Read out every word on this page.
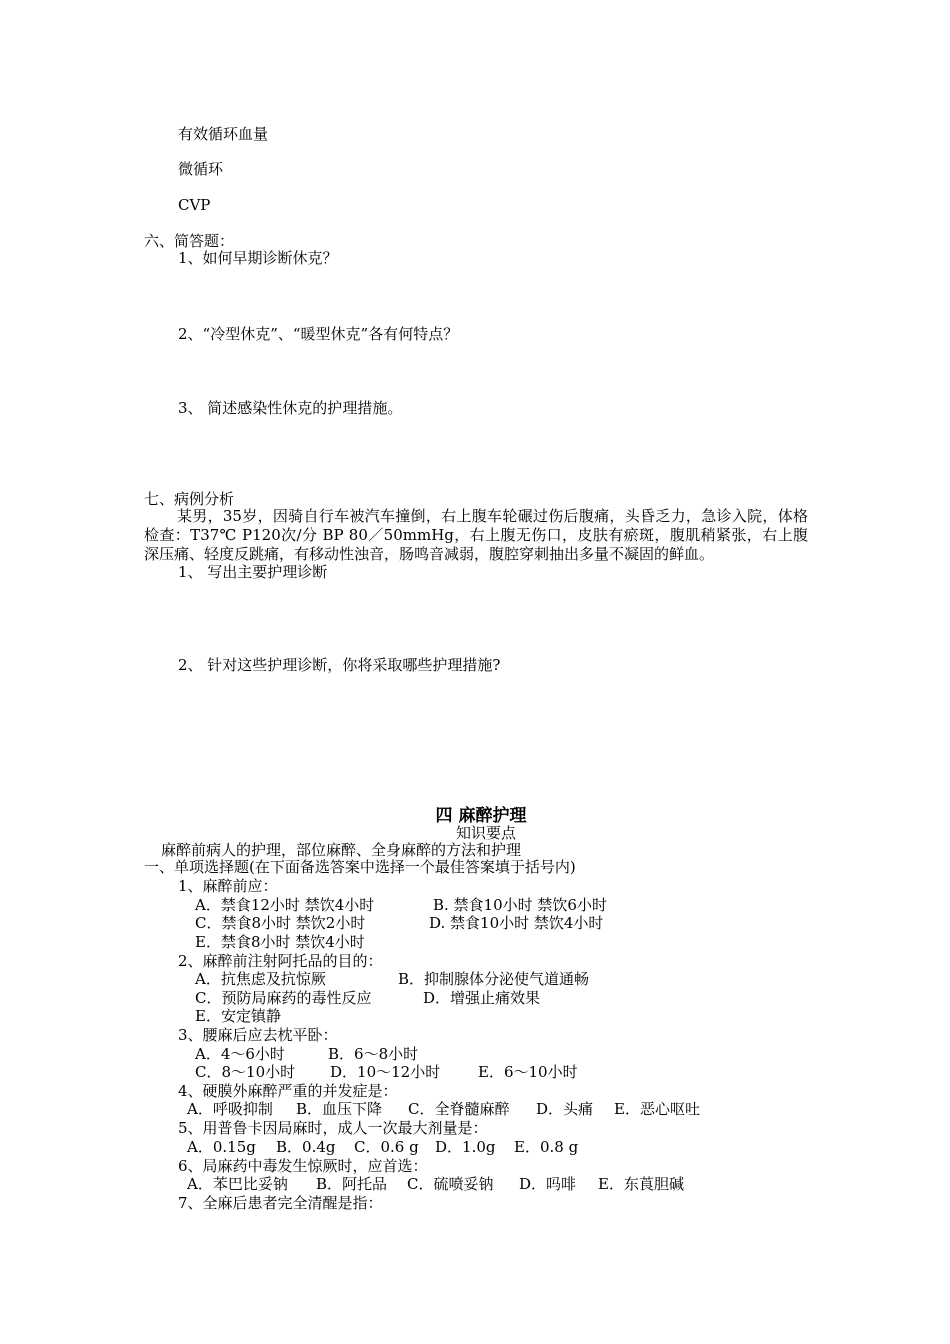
有效循环血量
微循环
CVP
六、简答题：
1、如何早期诊断休克？
2、“冷型休克”、“暖型休克”各有何特点？
3、 简述感染性休克的护理措施。
七、病例分析
某男，35岁，因骑自行车被汽车撞倒，右上腹车轮碾过伤后腹痛，头昏乏力，急诊入院，体格检查：T37℃ P120次/分 BP 80／50mmHg，右上腹无伤口，皮肤有瘀斑，腹肌稍紧张，右上腹深压痛、轻度反跳痛，有移动性浊音，肠鸣音减弱，腹腔穿刺抽出多量不凝固的鲜血。
1、 写出主要护理诊断
2、 针对这些护理诊断，你将采取哪些护理措施?
四 麻醉护理
知识要点
麻醉前病人的护理，部位麻醉、全身麻醉的方法和护理
一、单项选择题(在下面备选答案中选择一个最佳答案填于括号内)
1、麻醉前应：
A．禁食12小时 禁饮4小时	B. 禁食10小时 禁饮6小时
C．禁食8小时 禁饮2小时	D. 禁食10小时 禁饮4小时
E．禁食8小时 禁饮4小时
2、麻醉前注射阿托品的目的：
A．抗焦虑及抗惊厥	B．抑制腺体分泌使气道通畅
C．预防局麻药的毒性反应	D．增强止痛效果
E．安定镇静
3、腰麻后应去枕平卧：
A．4～6小时	B．6～8小时
C．8～10小时 D．10～12小时	E．6～10小时
4、硬膜外麻醉严重的并发症是：
A．呼吸抑制 B．血压下降 C．全脊髓麻醉 D．头痛 E．恶心呕吐
5、用普鲁卡因局麻时，成人一次最大剂量是：
A．0.15g B．0.4g C．0.6 g D．1.0g E．0.8 g
6、局麻药中毒发生惊厥时，应首选：
A．苯巴比妥钠 B．阿托品 C．硫喷妥钠 D．吗啡 E．东莨胆碱
7、全麻后患者完全清醒是指：
